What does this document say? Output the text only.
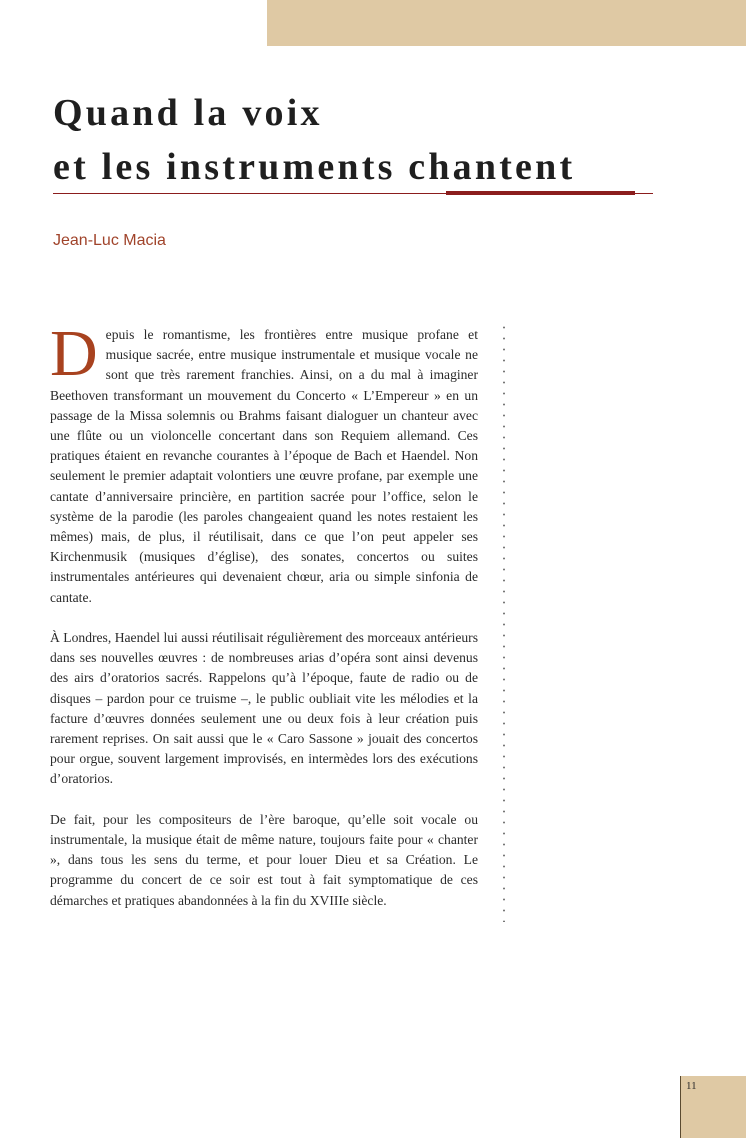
Quand la voix
et les instruments chantent

Jean-Luc Macia

Depuis le romantisme, les frontières entre musique profane et musique sacrée, entre musique instrumentale et musique vocale ne sont que très rarement franchies. Ainsi, on a du mal à imaginer Beethoven transformant un mouvement du Concerto « L’Empereur » en un passage de la Missa solemnis ou Brahms faisant dialoguer un chanteur avec une flûte ou un violoncelle concertant dans son Requiem allemand. Ces pratiques étaient en revanche courantes à l’époque de Bach et Haendel. Non seulement le premier adaptait volontiers une œuvre profane, par exemple une cantate d’anniversaire princière, en partition sacrée pour l’office, selon le système de la parodie (les paroles changeaient quand les notes restaient les mêmes) mais, de plus, il réutilisait, dans ce que l’on peut appeler ses Kirchenmusik (musiques d’église), des sonates, concertos ou suites instrumentales antérieures qui devenaient chœur, aria ou simple sinfonia de cantate.

À Londres, Haendel lui aussi réutilisait régulièrement des morceaux antérieurs dans ses nouvelles œuvres : de nombreuses arias d’opéra sont ainsi devenus des airs d’oratorios sacrés. Rappelons qu’à l’époque, faute de radio ou de disques – pardon pour ce truisme –, le public oubliait vite les mélodies et la facture d’œuvres données seulement une ou deux fois à leur création puis rarement reprises. On sait aussi que le « Caro Sassone » jouait des concertos pour orgue, souvent largement improvisés, en intermèdes lors des exécutions d’oratorios.

De fait, pour les compositeurs de l’ère baroque, qu’elle soit vocale ou instrumentale, la musique était de même nature, toujours faite pour « chanter », dans tous les sens du terme, et pour louer Dieu et sa Création. Le programme du concert de ce soir est tout à fait symptomatique de ces démarches et pratiques abandonnées à la fin du XVIIIe siècle.

11
